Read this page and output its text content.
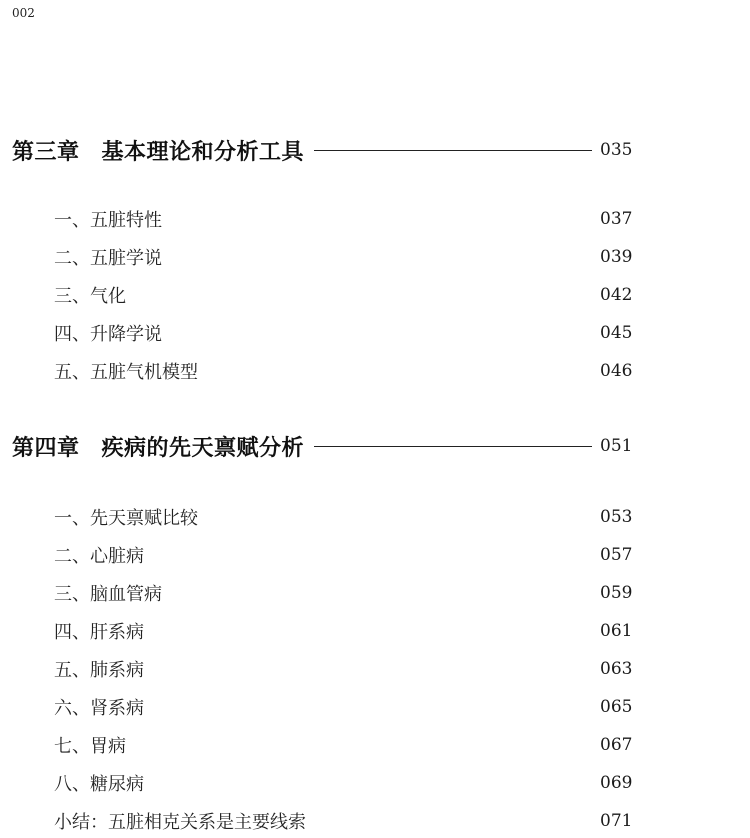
002
第三章 基本理论和分析工具	035
一、五脏特性	037
二、五脏学说	039
三、气化	042
四、升降学说	045
五、五脏气机模型	046
第四章 疾病的先天禀赋分析	051
一、先天禀赋比较	053
二、心脏病	057
三、脑血管病	059
四、肝系病	061
五、肺系病	063
六、肾系病	065
七、胃病	067
八、糖尿病	069
小结：五脏相克关系是主要线索	071
